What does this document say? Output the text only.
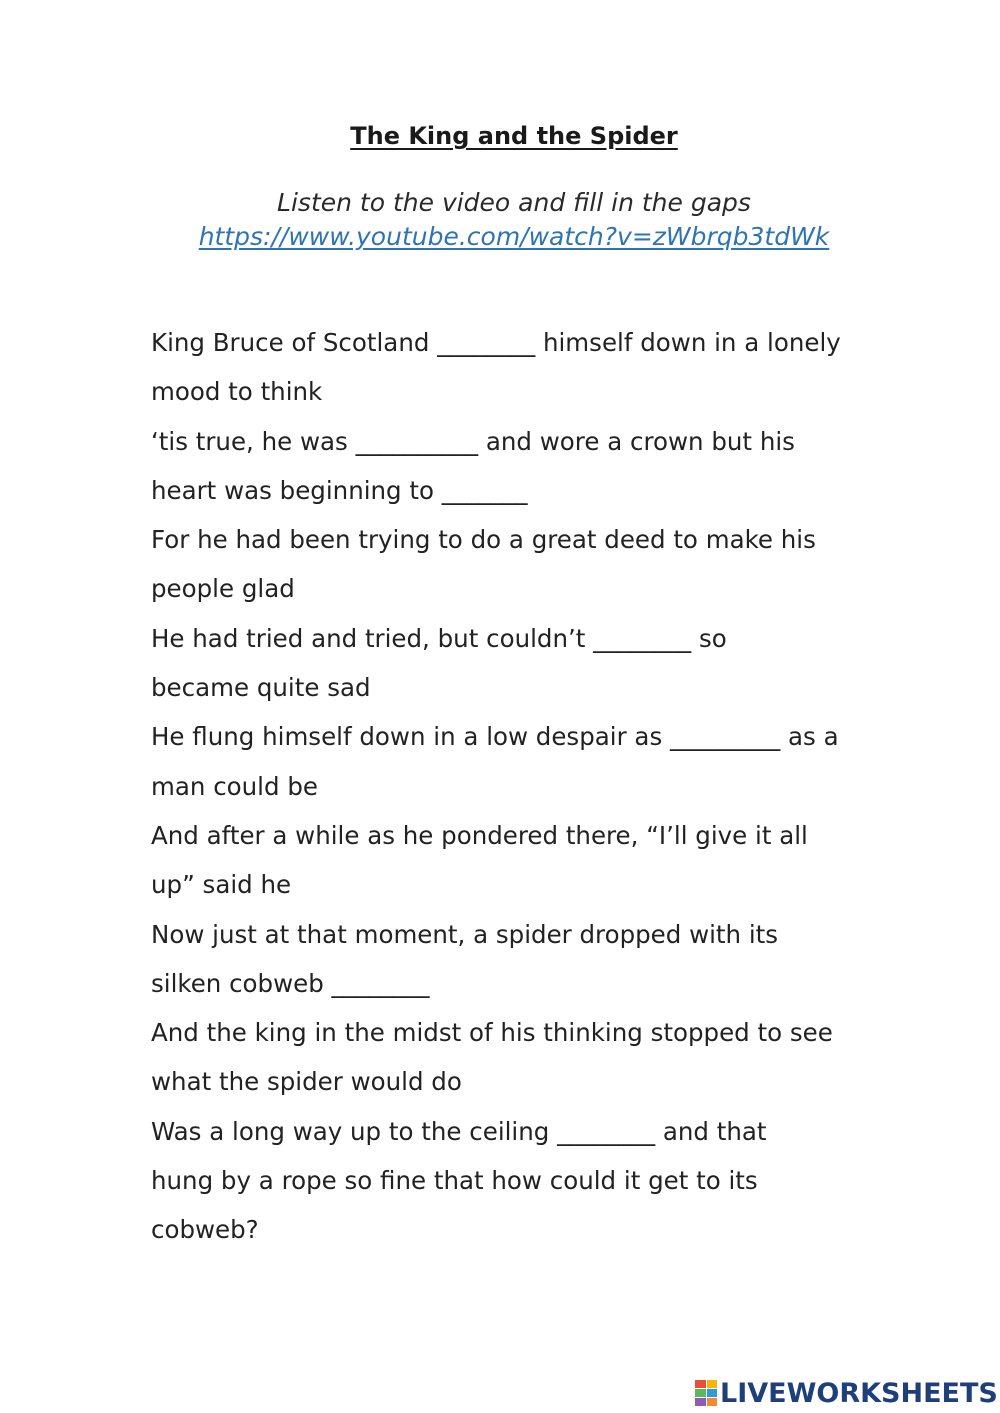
The King and the Spider
Listen to the video and fill in the gaps
https://www.youtube.com/watch?v=zWbrqb3tdWk
King Bruce of Scotland ________ himself down in a lonely
mood to think
‘tis true, he was __________ and wore a crown but his
heart was beginning to _______
For he had been trying to do a great deed to make his
people glad
He had tried and tried, but couldn’t ________ so
became quite sad
He flung himself down in a low despair as _________ as a
man could be
And after a while as he pondered there, “I’ll give it all
up” said he
Now just at that moment, a spider dropped with its
silken cobweb ________
And the king in the midst of his thinking stopped to see
what the spider would do
Was a long way up to the ceiling ________ and that
hung by a rope so fine that how could it get to its
cobweb?
LIVEWORKSHEETS
